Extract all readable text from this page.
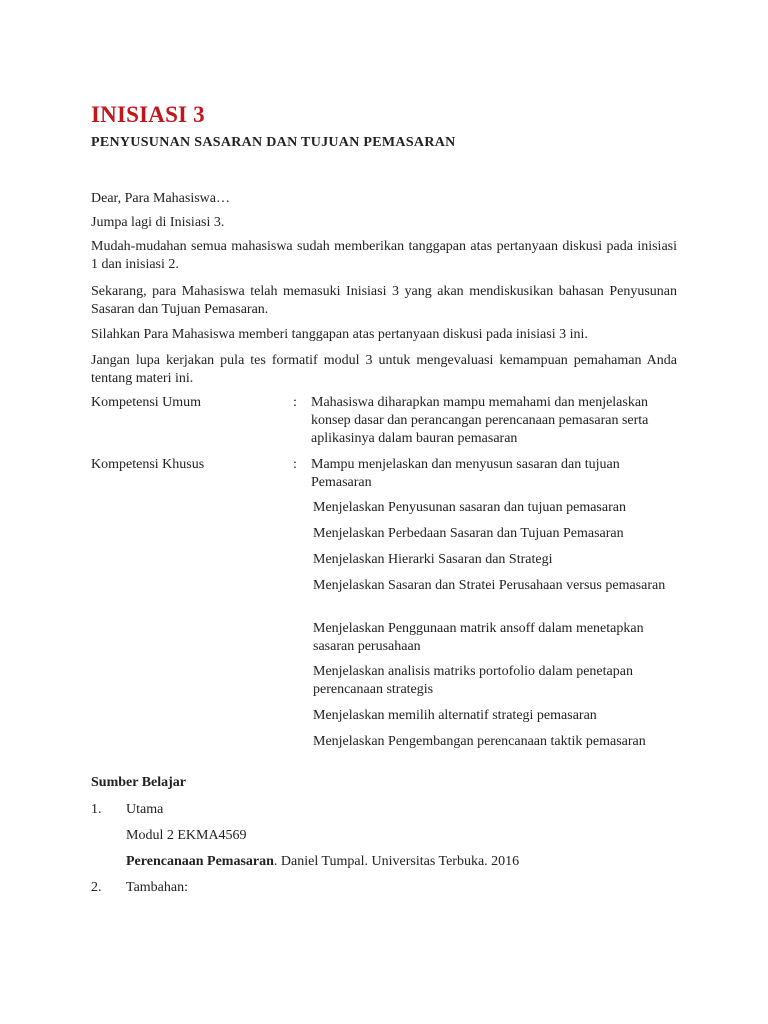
INISIASI 3
PENYUSUNAN SASARAN DAN TUJUAN PEMASARAN

Dear, Para Mahasiswa…

Jumpa lagi di Inisiasi 3.

Mudah-mudahan semua mahasiswa sudah memberikan tanggapan atas pertanyaan diskusi pada inisiasi 1 dan inisiasi 2.

Sekarang, para Mahasiswa telah memasuki Inisiasi 3 yang akan mendiskusikan bahasan Penyusunan Sasaran dan Tujuan Pemasaran.

Silahkan Para Mahasiswa memberi tanggapan atas pertanyaan diskusi pada inisiasi 3 ini.

Jangan lupa kerjakan pula tes formatif modul 3 untuk mengevaluasi kemampuan pemahaman Anda tentang materi ini.

Kompetensi Umum	: Mahasiswa diharapkan mampu memahami dan menjelaskan konsep dasar dan perancangan perencanaan pemasaran serta aplikasinya dalam bauran pemasaran
Kompetensi Khusus	: Mampu menjelaskan dan menyusun sasaran dan tujuan Pemasaran
Menjelaskan Penyusunan sasaran dan tujuan pemasaran
Menjelaskan Perbedaan Sasaran dan Tujuan Pemasaran
Menjelaskan Hierarki Sasaran dan Strategi
Menjelaskan Sasaran dan Stratei Perusahaan versus pemasaran
Menjelaskan Penggunaan matrik ansoff dalam menetapkan sasaran perusahaan
Menjelaskan analisis matriks portofolio dalam penetapan perencanaan strategis
Menjelaskan memilih alternatif strategi pemasaran
Menjelaskan Pengembangan perencanaan taktik pemasaran
Sumber Belajar
1. Utama
Modul 2 EKMA4569
Perencanaan Pemasaran. Daniel Tumpal. Universitas Terbuka. 2016
2. Tambahan:
